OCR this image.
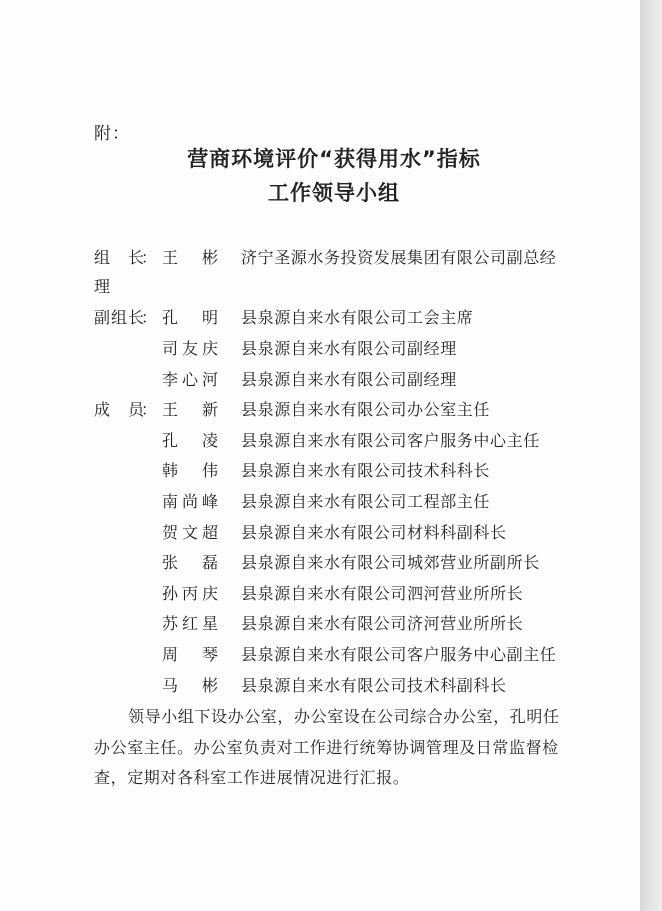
附：
营商环境评价“获得用水”指标
工作领导小组
组　长
： 王　彬 济宁圣源水务投资发展集团有限公司副总经
理
副组长
： 孔　明 县泉源自来水有限公司工会主席
司友庆 县泉源自来水有限公司副经理
李心河 县泉源自来水有限公司副经理
成　员
： 王　新 县泉源自来水有限公司办公室主任
孔　凌 县泉源自来水有限公司客户服务中心主任
韩　伟 县泉源自来水有限公司技术科科长
南尚峰 县泉源自来水有限公司工程部主任
贺文超 县泉源自来水有限公司材料科副科长
张　磊 县泉源自来水有限公司城郊营业所副所长
孙丙庆 县泉源自来水有限公司泗河营业所所长
苏红星 县泉源自来水有限公司济河营业所所长
周　琴 县泉源自来水有限公司客户服务中心副主任
马　彬 县泉源自来水有限公司技术科副科长
领导小组下设办公室，办公室设在公司综合办公室，孔明任
办公室主任。办公室负责对工作进行统筹协调管理及日常监督检
查，定期对各科室工作进展情况进行汇报。
